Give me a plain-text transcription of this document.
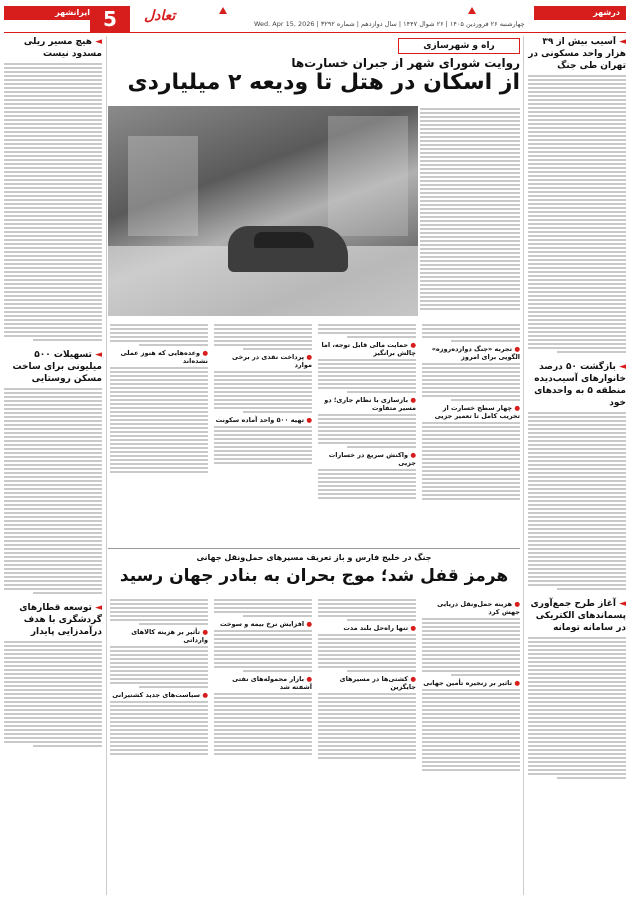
درشهر
تعادل	چهارشنبه ۲۶ فروردین ۱۴۰۵ | ۲۶ شوال ۱۴۴۷ | سال دوازدهم | شماره ۳۲۹۲ | Wed. Apr 15, 2026
5
ایرانشهر
◄ آسیب بیش از ۳۹ هزار واحد مسکونی در تهران طی جنگ
◄ بازگشت ۵۰ درصد خانوارهای آسیب‌دیده منطقه ۵ به واحدهای خود
◄ آغاز طرح جمع‌آوری پسماندهای الکتریکی در سامانه تومانه
راه و شهرسازی
روایت شورای شهر از جبران خسارت‌ها
از اسکان در هتل تا ودیعه ۲ میلیاردی
● تجربه «جنگ دوازده‌روزه» الگویی برای امروز
● چهار سطح خسارت از تخریب کامل تا تعمیر جزیی
● حمایت مالی قابل توجه، اما چالش برانگیز
● بازسازی با نظام جاری؛ دو مسیر متفاوت
● واکنش سریع در خسارات جزیی
● پرداخت نقدی در برخی موارد
● تهیه ۵۰۰ واحد آماده سکونت
● وعده‌هایی که هنوز عملی نشده‌اند
جنگ در خلیج فارس و باز تعریف مسیرهای حمل‌ونقل جهانی
هرمز قفل شد؛ موج بحران به بنادر جهان رسید
● هزینه حمل‌ونقل دریایی جهش کرد
● تاثیر بر زنجیره تأمین جهانی
● تنها راه‌حل بلند مدت
● کشتی‌ها در مسیرهای جایگزین
● افزایش نرخ بیمه و سوخت
● بازار محموله‌های نفتی آشفته شد
● تأثیر بر هزینه کالاهای وارداتی
● سیاست‌های جدید کشتیرانی
◄ هیچ مسیر ریلی مسدود نیست
◄ تسهیلات ۵۰۰ میلیونی برای ساخت مسکن روستایی
◄ توسعه قطارهای گردشگری با هدف درآمدزایی پایدار
